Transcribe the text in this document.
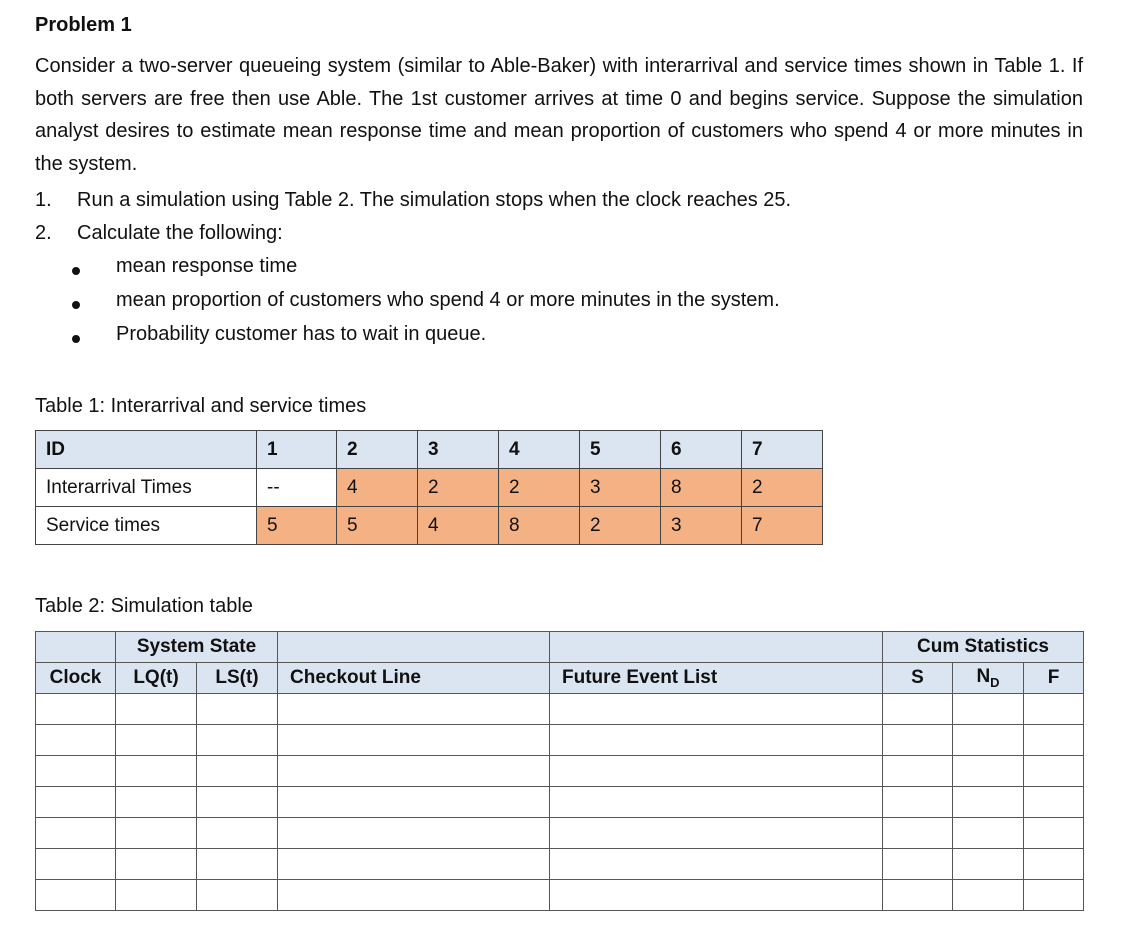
Problem 1
Consider a two-server queueing system (similar to Able-Baker) with interarrival and service times shown in Table 1. If both servers are free then use Able. The 1st customer arrives at time 0 and begins service. Suppose the simulation analyst desires to estimate mean response time and mean proportion of customers who spend 4 or more minutes in the system.
1. Run a simulation using Table 2. The simulation stops when the clock reaches 25.
2. Calculate the following:
mean response time
mean proportion of customers who spend 4 or more minutes in the system.
Probability customer has to wait in queue.
Table 1: Interarrival and service times
ID	1	2	3	4	5	6	7
Interarrival Times	--	4	2	2	3	8	2
Service times	5	5	4	8	2	3	7
Table 2: Simulation table
	System State				Cum Statistics		
Clock	LQ(t)	LS(t)	Checkout Line	Future Event List	S	$N_D$	F
